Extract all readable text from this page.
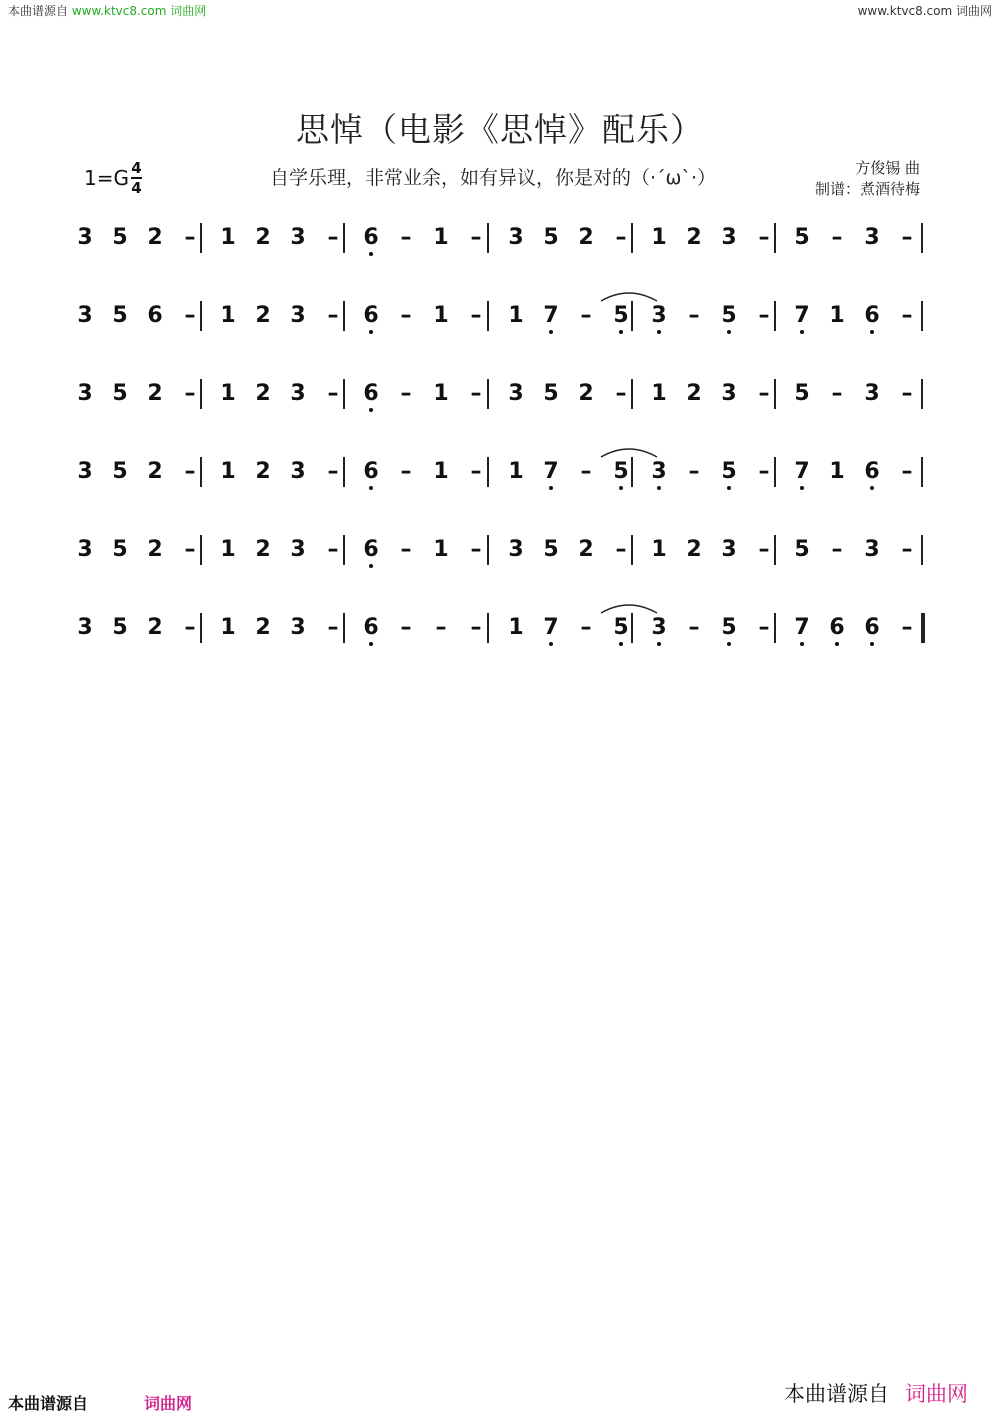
本曲谱源自 www.ktvc8.com 词曲网	www.ktvc8.com 词曲网
思悼（电影《思悼》配乐）
1=G 4
4	自学乐理，非常业余，如有异议，你是对的（·´ω`·）	方俊锡 曲
制谱：煮酒待梅
3 5 2 – 1 2 3 – 6 – 1 – 3 5 2 – 1 2 3 – 5 – 3 –
3 5 6 – 1 2 3 – 6 – 1 – 1 7 – 5 3 – 5 – 7 1 6 –
3 5 2 – 1 2 3 – 6 – 1 – 3 5 2 – 1 2 3 – 5 – 3 –
3 5 2 – 1 2 3 – 6 – 1 – 1 7 – 5 3 – 5 – 7 1 6 –
3 5 2 – 1 2 3 – 6 – 1 – 3 5 2 – 1 2 3 – 5 – 3 –
3 5 2 – 1 2 3 – 6 – – – 1 7 – 5 3 – 5 – 7 6 6 –
本曲谱源自	词曲网	本曲谱源自 词曲网
